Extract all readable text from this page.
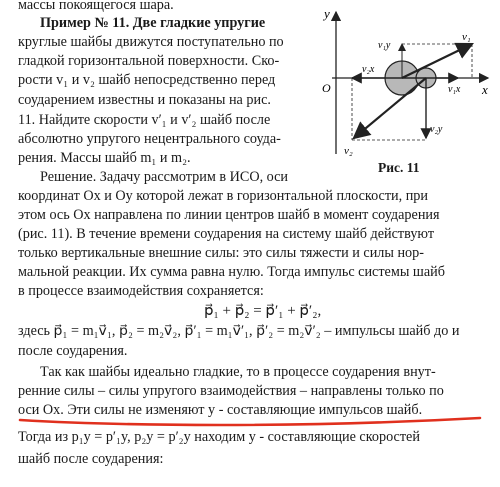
массы покоящегося шара.
Пример № 11. Две гладкие упругие
круглые шайбы движутся поступательно по
гладкой горизонтальной поверхности. Ско-
рости v₁ и v₂ шайб непосредственно перед
соударением известны и показаны на рис.
11. Найдите скорости v′₁ и v′₂ шайб после
абсолютно упругого нецентрального соуда-
рения. Массы шайб m₁ и m₂.
Решение. Задачу рассмотрим в ИСО, оси
координат Ox и Oy которой лежат в горизонтальной плоскости, при
этом ось Ox направлена по линии центров шайб в момент соударения
(рис. 11). В течение времени соударения на систему шайб действуют
только вертикальные внешние силы: это силы тяжести и силы нор-
мальной реакции. Их сумма равна нулю. Тогда импульс системы шайб
в процессе взаимодействия сохраняется:
p⃗₁ + p⃗₂ = p⃗′₁ + p⃗′₂,
здесь p⃗₁ = m₁v⃗₁, p⃗₂ = m₂v⃗₂, p⃗′₁ = m₁v⃗′₁, p⃗′₂ = m₂v⃗′₂ – импульсы шайб до и
после соударения.
Так как шайбы идеально гладкие, то в процессе соударения внут-
ренние силы – силы упругого взаимодействия – направлены только по
оси Ox. Эти силы не изменяют y - составляющие импульсов шайб.
Тогда из p₁y = p′₁y, p₂y = p′₂y находим y - составляющие скоростей
шайб после соударения:
y
x
O
v₁
v₁y
v₁x
v₂x
v₂
v₂y
Рис. 11
